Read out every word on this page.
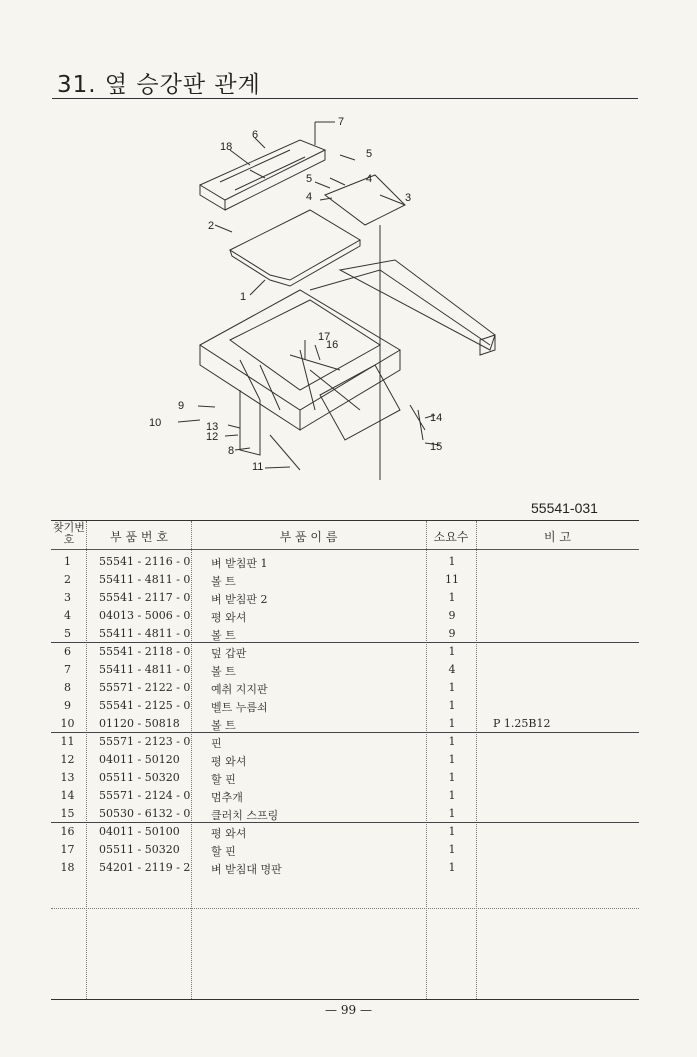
31. 옆 승강판 관계
7
6
18
5
5	4
4	3
2
1
17
16
9
10	13
12
8
14
15
11
55541-031
찾기번호	부 품 번 호	부 품 이 름	소요수	비 고
1	55541 - 2116 - 0 벼 받침판 1	1
2	55411 - 4811 - 0 볼 트	11
3	55541 - 2117 - 0 벼 받침판 2	1
4	04013 - 5006 - 0 평 와셔	9
5	55411 - 4811 - 0 볼 트	9
6	55541 - 2118 - 0 덮 갑판	1
7	55411 - 4811 - 0 볼 트	4
8	55571 - 2122 - 0 예취 지지판	1
9	55541 - 2125 - 0 벨트 누름쇠	1
10	01120 - 50818	볼 트	1	P 1.25B12
11	55571 - 2123 - 0 핀	1
12	04011 - 50120	평 와셔	1
13	05511 - 50320	할 핀	1
14	55571 - 2124 - 0 멈추개	1
15	50530 - 6132 - 0 클러치 스프링	1
16	04011 - 50100	평 와셔	1
17	05511 - 50320	할 핀	1
18	54201 - 2119 - 2 벼 받침대 명판	1
— 99 —
